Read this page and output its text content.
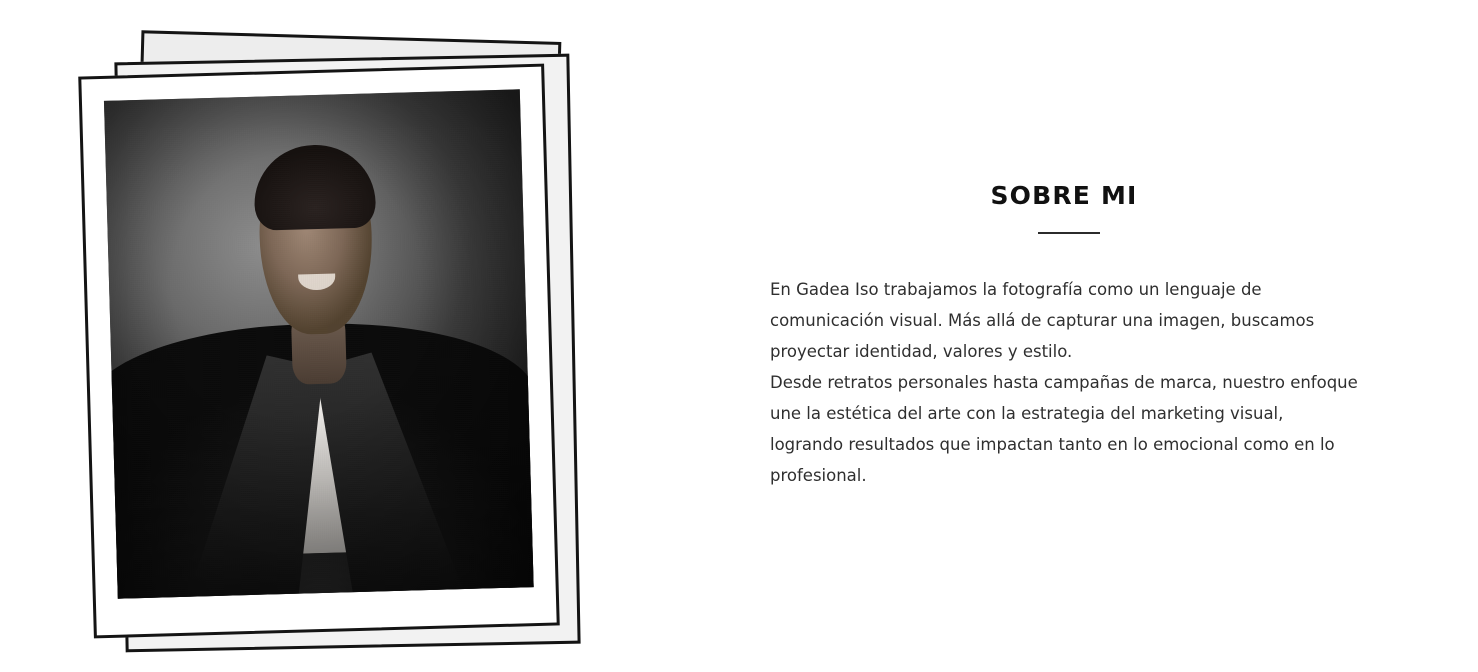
SOBRE MI

En Gadea Iso trabajamos la fotografía como un lenguaje de comunicación visual. Más allá de capturar una imagen, buscamos proyectar identidad, valores y estilo.

Desde retratos personales hasta campañas de marca, nuestro enfoque une la estética del arte con la estrategia del marketing visual, logrando resultados que impactan tanto en lo emocional como en lo profesional.
